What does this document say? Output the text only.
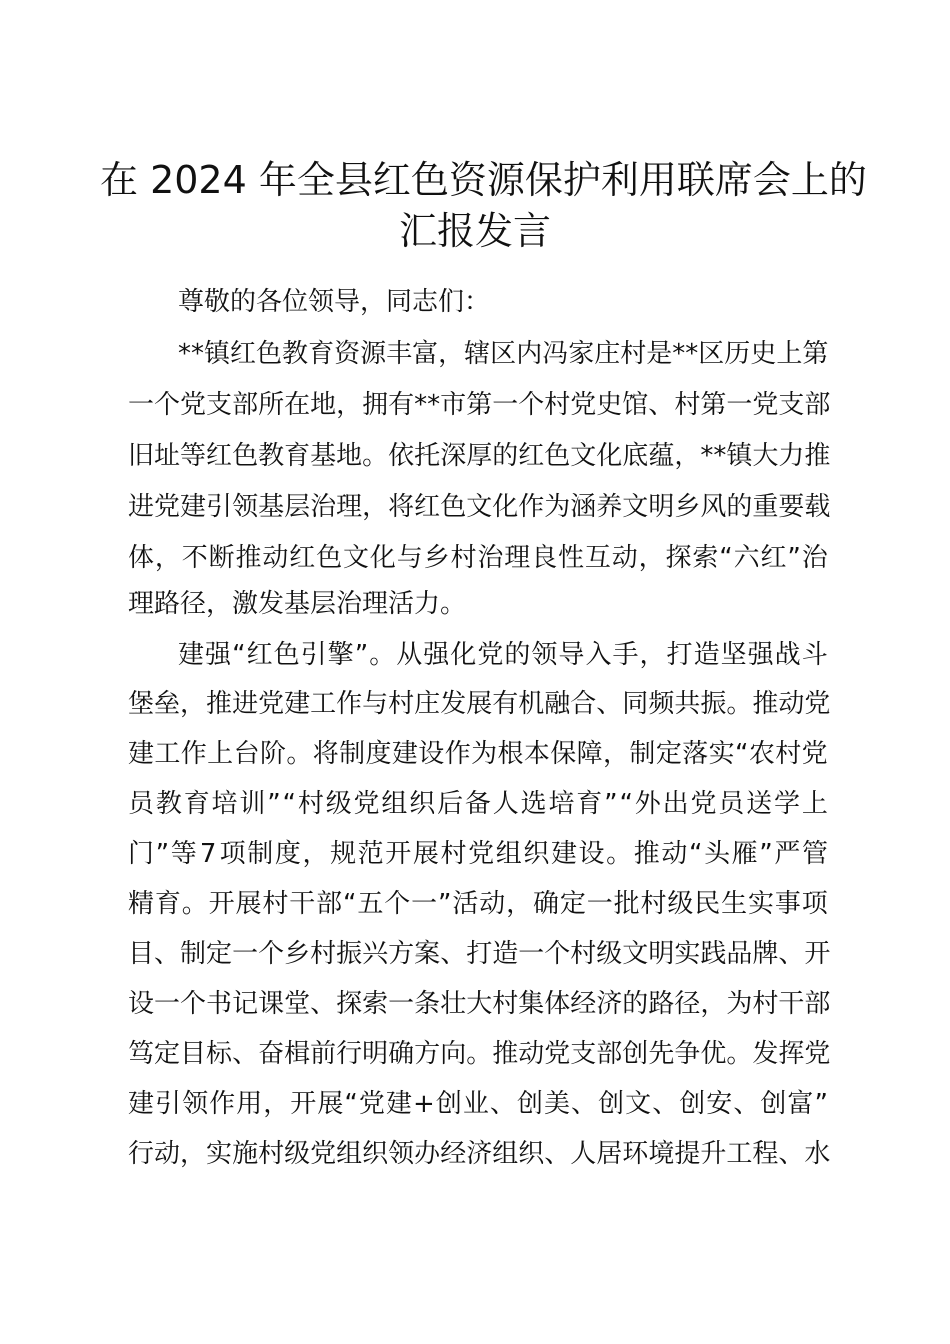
在 2024 年全县红色资源保护利用联席会上的
汇报发言
尊敬的各位领导，同志们：
* * 镇 红 色 教 育 资 源 丰 富 ， 辖 区 内 冯 家 庄 村 是 * * 区 历 史 上 第
一 个 党 支 部 所 在 地 ， 拥 有 * * 市 第 一 个 村 党 史 馆 、 村 第 一 党 支 部
旧 址 等 红 色 教 育 基 地 。 依 托 深 厚 的 红 色 文 化 底 蕴 ， * * 镇 大 力 推
进 党 建 引 领 基 层 治 理 ， 将 红 色 文 化 作 为 涵 养 文 明 乡 风 的 重 要 载
体 ， 不 断 推 动 红 色 文 化 与 乡 村 治 理 良 性 互 动 ， 探 索 “ 六 红 ” 治
理路径，激发基层治理活力。
建 强 “ 红 色 引 擎 ” 。 从 强 化 党 的 领 导 入 手 ， 打 造 坚 强 战 斗
堡 垒 ， 推 进 党 建 工 作 与 村 庄 发 展 有 机 融 合 、 同 频 共 振 。 推 动 党
建 工 作 上 台 阶 。 将 制 度 建 设 作 为 根 本 保 障 ， 制 定 落 实 “ 农 村 党
员 教 育 培 训 ” “ 村 级 党 组 织 后 备 人 选 培 育 ” “ 外 出 党 员 送 学 上
门 ” 等 7 项 制 度 ， 规 范 开 展 村 党 组 织 建 设 。 推 动 “ 头 雁 ” 严 管
精 育 。 开 展 村 干 部 “ 五 个 一 ” 活 动 ， 确 定 一 批 村 级 民 生 实 事 项
目 、 制 定 一 个 乡 村 振 兴 方 案 、 打 造 一 个 村 级 文 明 实 践 品 牌 、 开
设 一 个 书 记 课 堂 、 探 索 一 条 壮 大 村 集 体 经 济 的 路 径 ， 为 村 干 部
笃 定 目 标 、 奋 楫 前 行 明 确 方 向 。 推 动 党 支 部 创 先 争 优 。 发 挥 党
建 引 领 作 用 ， 开 展 “ 党 建 + 创 业 、 创 美 、 创 文 、 创 安 、 创 富 ”
行 动 ， 实 施 村 级 党 组 织 领 办 经 济 组 织 、 人 居 环 境 提 升 工 程 、 水
